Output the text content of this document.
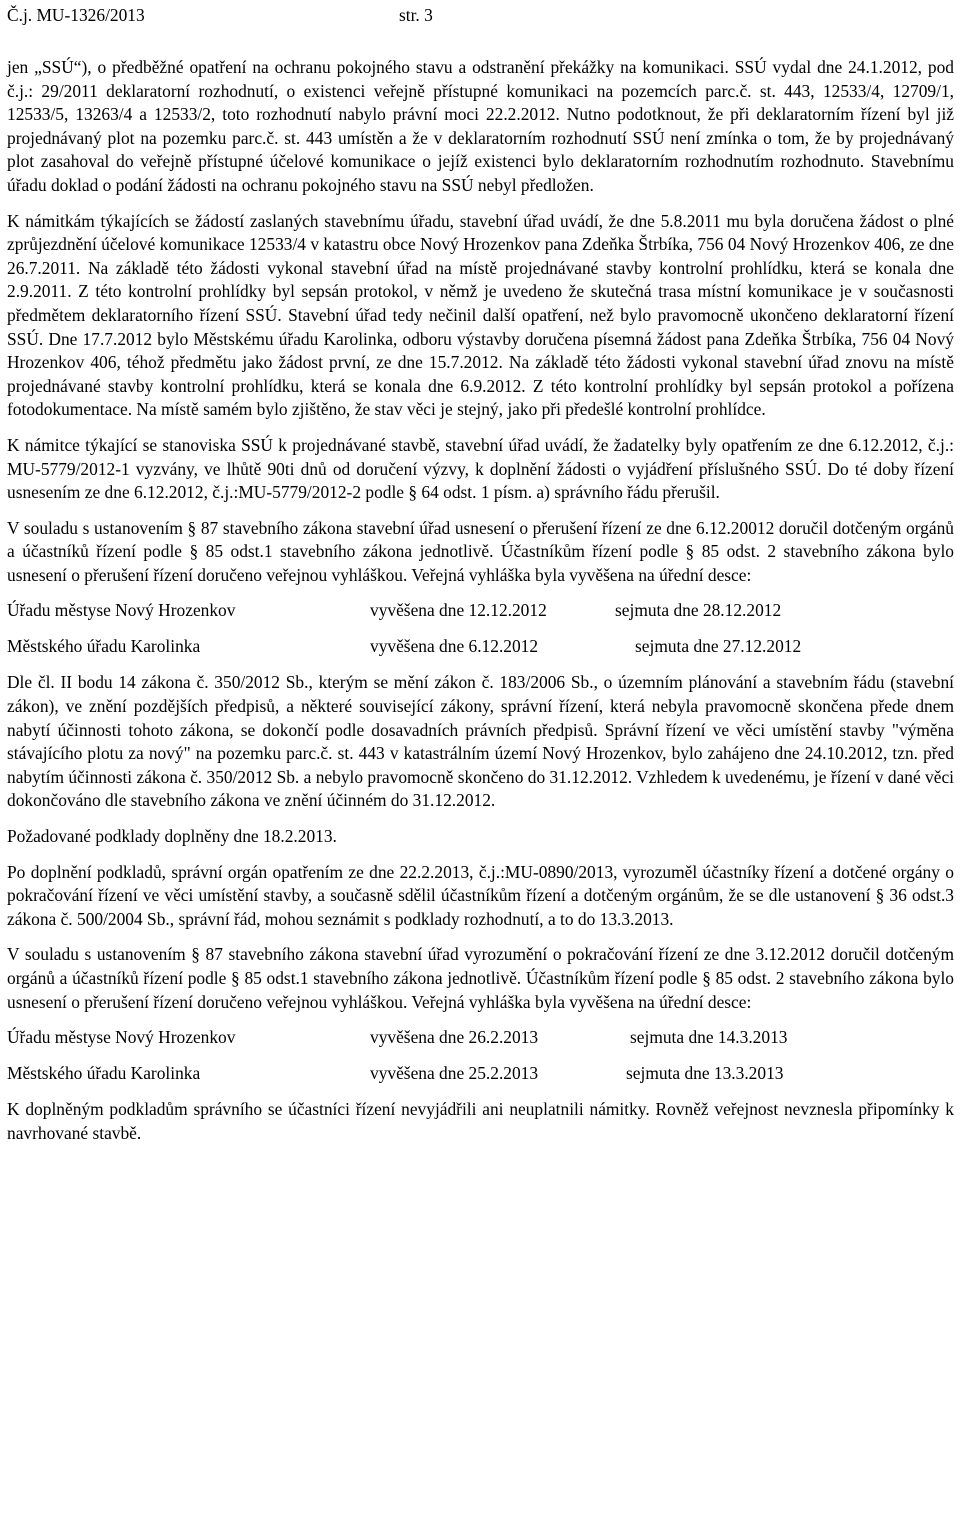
Č.j. MU-1326/2013	str. 3

jen „SSÚ“), o předběžné opatření na ochranu pokojného stavu a odstranění překážky na komunikaci. SSÚ vydal dne 24.1.2012, pod č.j.: 29/2011 deklaratorní rozhodnutí, o existenci veřejně přístupné komunikaci na pozemcích parc.č. st. 443, 12533/4, 12709/1, 12533/5, 13263/4 a 12533/2, toto rozhodnutí nabylo právní moci 22.2.2012. Nutno podotknout, že při deklaratorním řízení byl již projednávaný plot na pozemku parc.č. st. 443 umístěn a že v deklaratorním rozhodnutí SSÚ není zmínka o tom, že by projednávaný plot zasahoval do veřejně přístupné účelové komunikace o jejíž existenci bylo deklaratorním rozhodnutím rozhodnuto. Stavebnímu úřadu doklad o podání žádosti na ochranu pokojného stavu na SSÚ nebyl předložen.

K námitkám týkajících se žádostí zaslaných stavebnímu úřadu, stavební úřad uvádí, že dne 5.8.2011 mu byla doručena žádost o plné zprůjezdnění účelové komunikace 12533/4 v katastru obce Nový Hrozenkov pana Zdeňka Štrbíka, 756 04 Nový Hrozenkov 406, ze dne 26.7.2011. Na základě této žádosti vykonal stavební úřad na místě projednávané stavby kontrolní prohlídku, která se konala dne 2.9.2011. Z této kontrolní prohlídky byl sepsán protokol, v němž je uvedeno že skutečná trasa místní komunikace je v současnosti předmětem deklaratorního řízení SSÚ. Stavební úřad tedy nečinil další opatření, než bylo pravomocně ukončeno deklaratorní řízení SSÚ. Dne 17.7.2012 bylo Městskému úřadu Karolinka, odboru výstavby doručena písemná žádost pana Zdeňka Štrbíka, 756 04 Nový Hrozenkov 406, téhož předmětu jako žádost první, ze dne 15.7.2012. Na základě této žádosti vykonal stavební úřad znovu na místě projednávané stavby kontrolní prohlídku, která se konala dne 6.9.2012. Z této kontrolní prohlídky byl sepsán protokol a pořízena fotodokumentace. Na místě samém bylo zjištěno, že stav věci je stejný, jako při předešlé kontrolní prohlídce.

K námitce týkající se stanoviska SSÚ k projednávané stavbě, stavební úřad uvádí, že žadatelky byly opatřením ze dne 6.12.2012, č.j.: MU-5779/2012-1 vyzvány, ve lhůtě 90ti dnů od doručení výzvy, k doplnění žádosti o vyjádření příslušného SSÚ. Do té doby řízení usnesením ze dne 6.12.2012, č.j.:MU-5779/2012-2 podle § 64 odst. 1 písm. a) správního řádu přerušil.

V souladu s ustanovením § 87 stavebního zákona stavební úřad usnesení o přerušení řízení ze dne 6.12.20012 doručil dotčeným orgánů a účastníků řízení podle § 85 odst.1 stavebního zákona jednotlivě. Účastníkům řízení podle § 85 odst. 2 stavebního zákona bylo usnesení o přerušení řízení doručeno veřejnou vyhláškou. Veřejná vyhláška byla vyvěšena na úřední desce:

Úřadu městyse Nový Hrozenkov	vyvěšena dne 12.12.2012	sejmuta dne 28.12.2012
Městského úřadu Karolinka	vyvěšena dne 6.12.2012	sejmuta dne 27.12.2012

Dle čl. II bodu 14 zákona č. 350/2012 Sb., kterým se mění zákon č. 183/2006 Sb., o územním plánování a stavebním řádu (stavební zákon), ve znění pozdějších předpisů, a některé související zákony, správní řízení, která nebyla pravomocně skončena přede dnem nabytí účinnosti tohoto zákona, se dokončí podle dosavadních právních předpisů. Správní řízení ve věci umístění stavby "výměna stávajícího plotu za nový" na pozemku parc.č. st. 443 v katastrálním území Nový Hrozenkov, bylo zahájeno dne 24.10.2012, tzn. před nabytím účinnosti zákona č. 350/2012 Sb. a nebylo pravomocně skončeno do 31.12.2012. Vzhledem k uvedenému, je řízení v dané věci dokončováno dle stavebního zákona ve znění účinném do 31.12.2012.

Požadované podklady doplněny dne 18.2.2013.

Po doplnění podkladů, správní orgán opatřením ze dne 22.2.2013, č.j.:MU-0890/2013, vyrozuměl účastníky řízení a dotčené orgány o pokračování řízení ve věci umístění stavby, a současně sdělil účastníkům řízení a dotčeným orgánům, že se dle ustanovení § 36 odst.3 zákona č. 500/2004 Sb., správní řád, mohou seznámit s podklady rozhodnutí, a to do 13.3.2013.

V souladu s ustanovením § 87 stavebního zákona stavební úřad vyrozumění o pokračování řízení ze dne 3.12.2012 doručil dotčeným orgánů a účastníků řízení podle § 85 odst.1 stavebního zákona jednotlivě. Účastníkům řízení podle § 85 odst. 2 stavebního zákona bylo usnesení o přerušení řízení doručeno veřejnou vyhláškou. Veřejná vyhláška byla vyvěšena na úřední desce:

Úřadu městyse Nový Hrozenkov	vyvěšena dne 26.2.2013	sejmuta dne 14.3.2013
Městského úřadu Karolinka	vyvěšena dne 25.2.2013	sejmuta dne 13.3.2013

K doplněným podkladům správního se účastníci řízení nevyjádřili ani neuplatnili námitky. Rovněž veřejnost nevznesla připomínky k navrhované stavbě.
